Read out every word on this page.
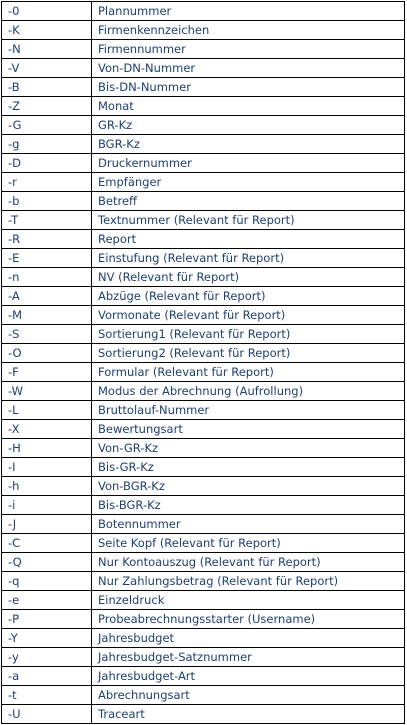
-0	Plannummer
-K	Firmenkennzeichen
-N	Firmennummer
-V	Von-DN-Nummer
-B	Bis-DN-Nummer
-Z	Monat
-G	GR-Kz
-g	BGR-Kz
-D	Druckernummer
-r	Empfänger
-b	Betreff
-T	Textnummer (Relevant für Report)
-R	Report
-E	Einstufung (Relevant für Report)
-n	NV (Relevant für Report)
-A	Abzüge (Relevant für Report)
-M	Vormonate (Relevant für Report)
-S	Sortierung1 (Relevant für Report)
-O	Sortierung2 (Relevant für Report)
-F	Formular (Relevant für Report)
-W	Modus der Abrechnung (Aufrollung)
-L	Bruttolauf-Nummer
-X	Bewertungsart
-H	Von-GR-Kz
-I	Bis-GR-Kz
-h	Von-BGR-Kz
-i	Bis-BGR-Kz
-J	Botennummer
-C	Seite Kopf (Relevant für Report)
-Q	Nur Kontoauszug (Relevant für Report)
-q	Nur Zahlungsbetrag (Relevant für Report)
-e	Einzeldruck
-P	Probeabrechnungsstarter (Username)
-Y	Jahresbudget
-y	Jahresbudget-Satznummer
-a	Jahresbudget-Art
-t	Abrechnungsart
-U	Traceart
